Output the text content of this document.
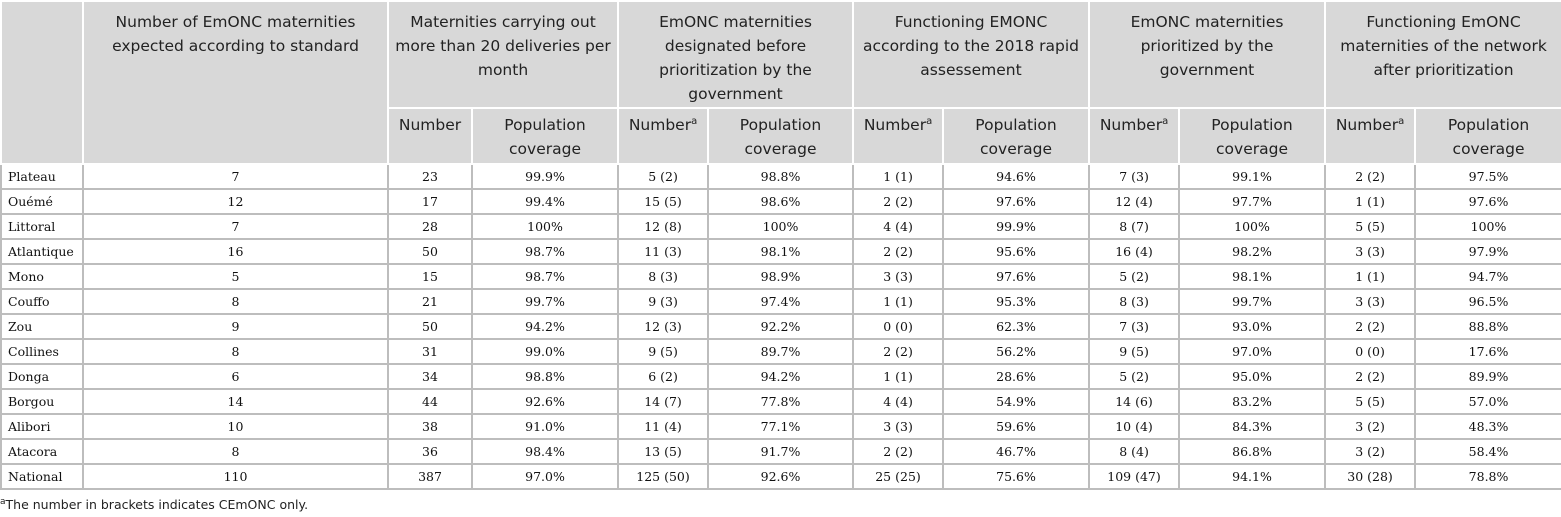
	Number of EmONC maternities expected according to standard	Maternities carrying out more than 20 deliveries per month		EmONC maternities designated before prioritization by the government		Functioning EMONC according to the 2018 rapid assessement		EmONC maternities prioritized by the government		Functioning EmONC maternities of the network after prioritization	
		Number	Population coverage	Number$^a$	Population coverage	Number$^a$	Population coverage	Number$^a$	Population coverage	Number$^a$	Population coverage
Plateau	7	23	99.9%	5 (2)	98.8%	1 (1)	94.6%	7 (3)	99.1%	2 (2)	97.5%
Ouémé	12	17	99.4%	15 (5)	98.6%	2 (2)	97.6%	12 (4)	97.7%	1 (1)	97.6%
Littoral	7	28	100%	12 (8)	100%	4 (4)	99.9%	8 (7)	100%	5 (5)	100%
Atlantique	16	50	98.7%	11 (3)	98.1%	2 (2)	95.6%	16 (4)	98.2%	3 (3)	97.9%
Mono	5	15	98.7%	8 (3)	98.9%	3 (3)	97.6%	5 (2)	98.1%	1 (1)	94.7%
Couffo	8	21	99.7%	9 (3)	97.4%	1 (1)	95.3%	8 (3)	99.7%	3 (3)	96.5%
Zou	9	50	94.2%	12 (3)	92.2%	0 (0)	62.3%	7 (3)	93.0%	2 (2)	88.8%
Collines	8	31	99.0%	9 (5)	89.7%	2 (2)	56.2%	9 (5)	97.0%	0 (0)	17.6%
Donga	6	34	98.8%	6 (2)	94.2%	1 (1)	28.6%	5 (2)	95.0%	2 (2)	89.9%
Borgou	14	44	92.6%	14 (7)	77.8%	4 (4)	54.9%	14 (6)	83.2%	5 (5)	57.0%
Alibori	10	38	91.0%	11 (4)	77.1%	3 (3)	59.6%	10 (4)	84.3%	3 (2)	48.3%
Atacora	8	36	98.4%	13 (5)	91.7%	2 (2)	46.7%	8 (4)	86.8%	3 (2)	58.4%
National	110	387	97.0%	125 (50)	92.6%	25 (25)	75.6%	109 (47)	94.1%	30 (28)	78.8%
$^a$The number in brackets indicates CEmONC only.
